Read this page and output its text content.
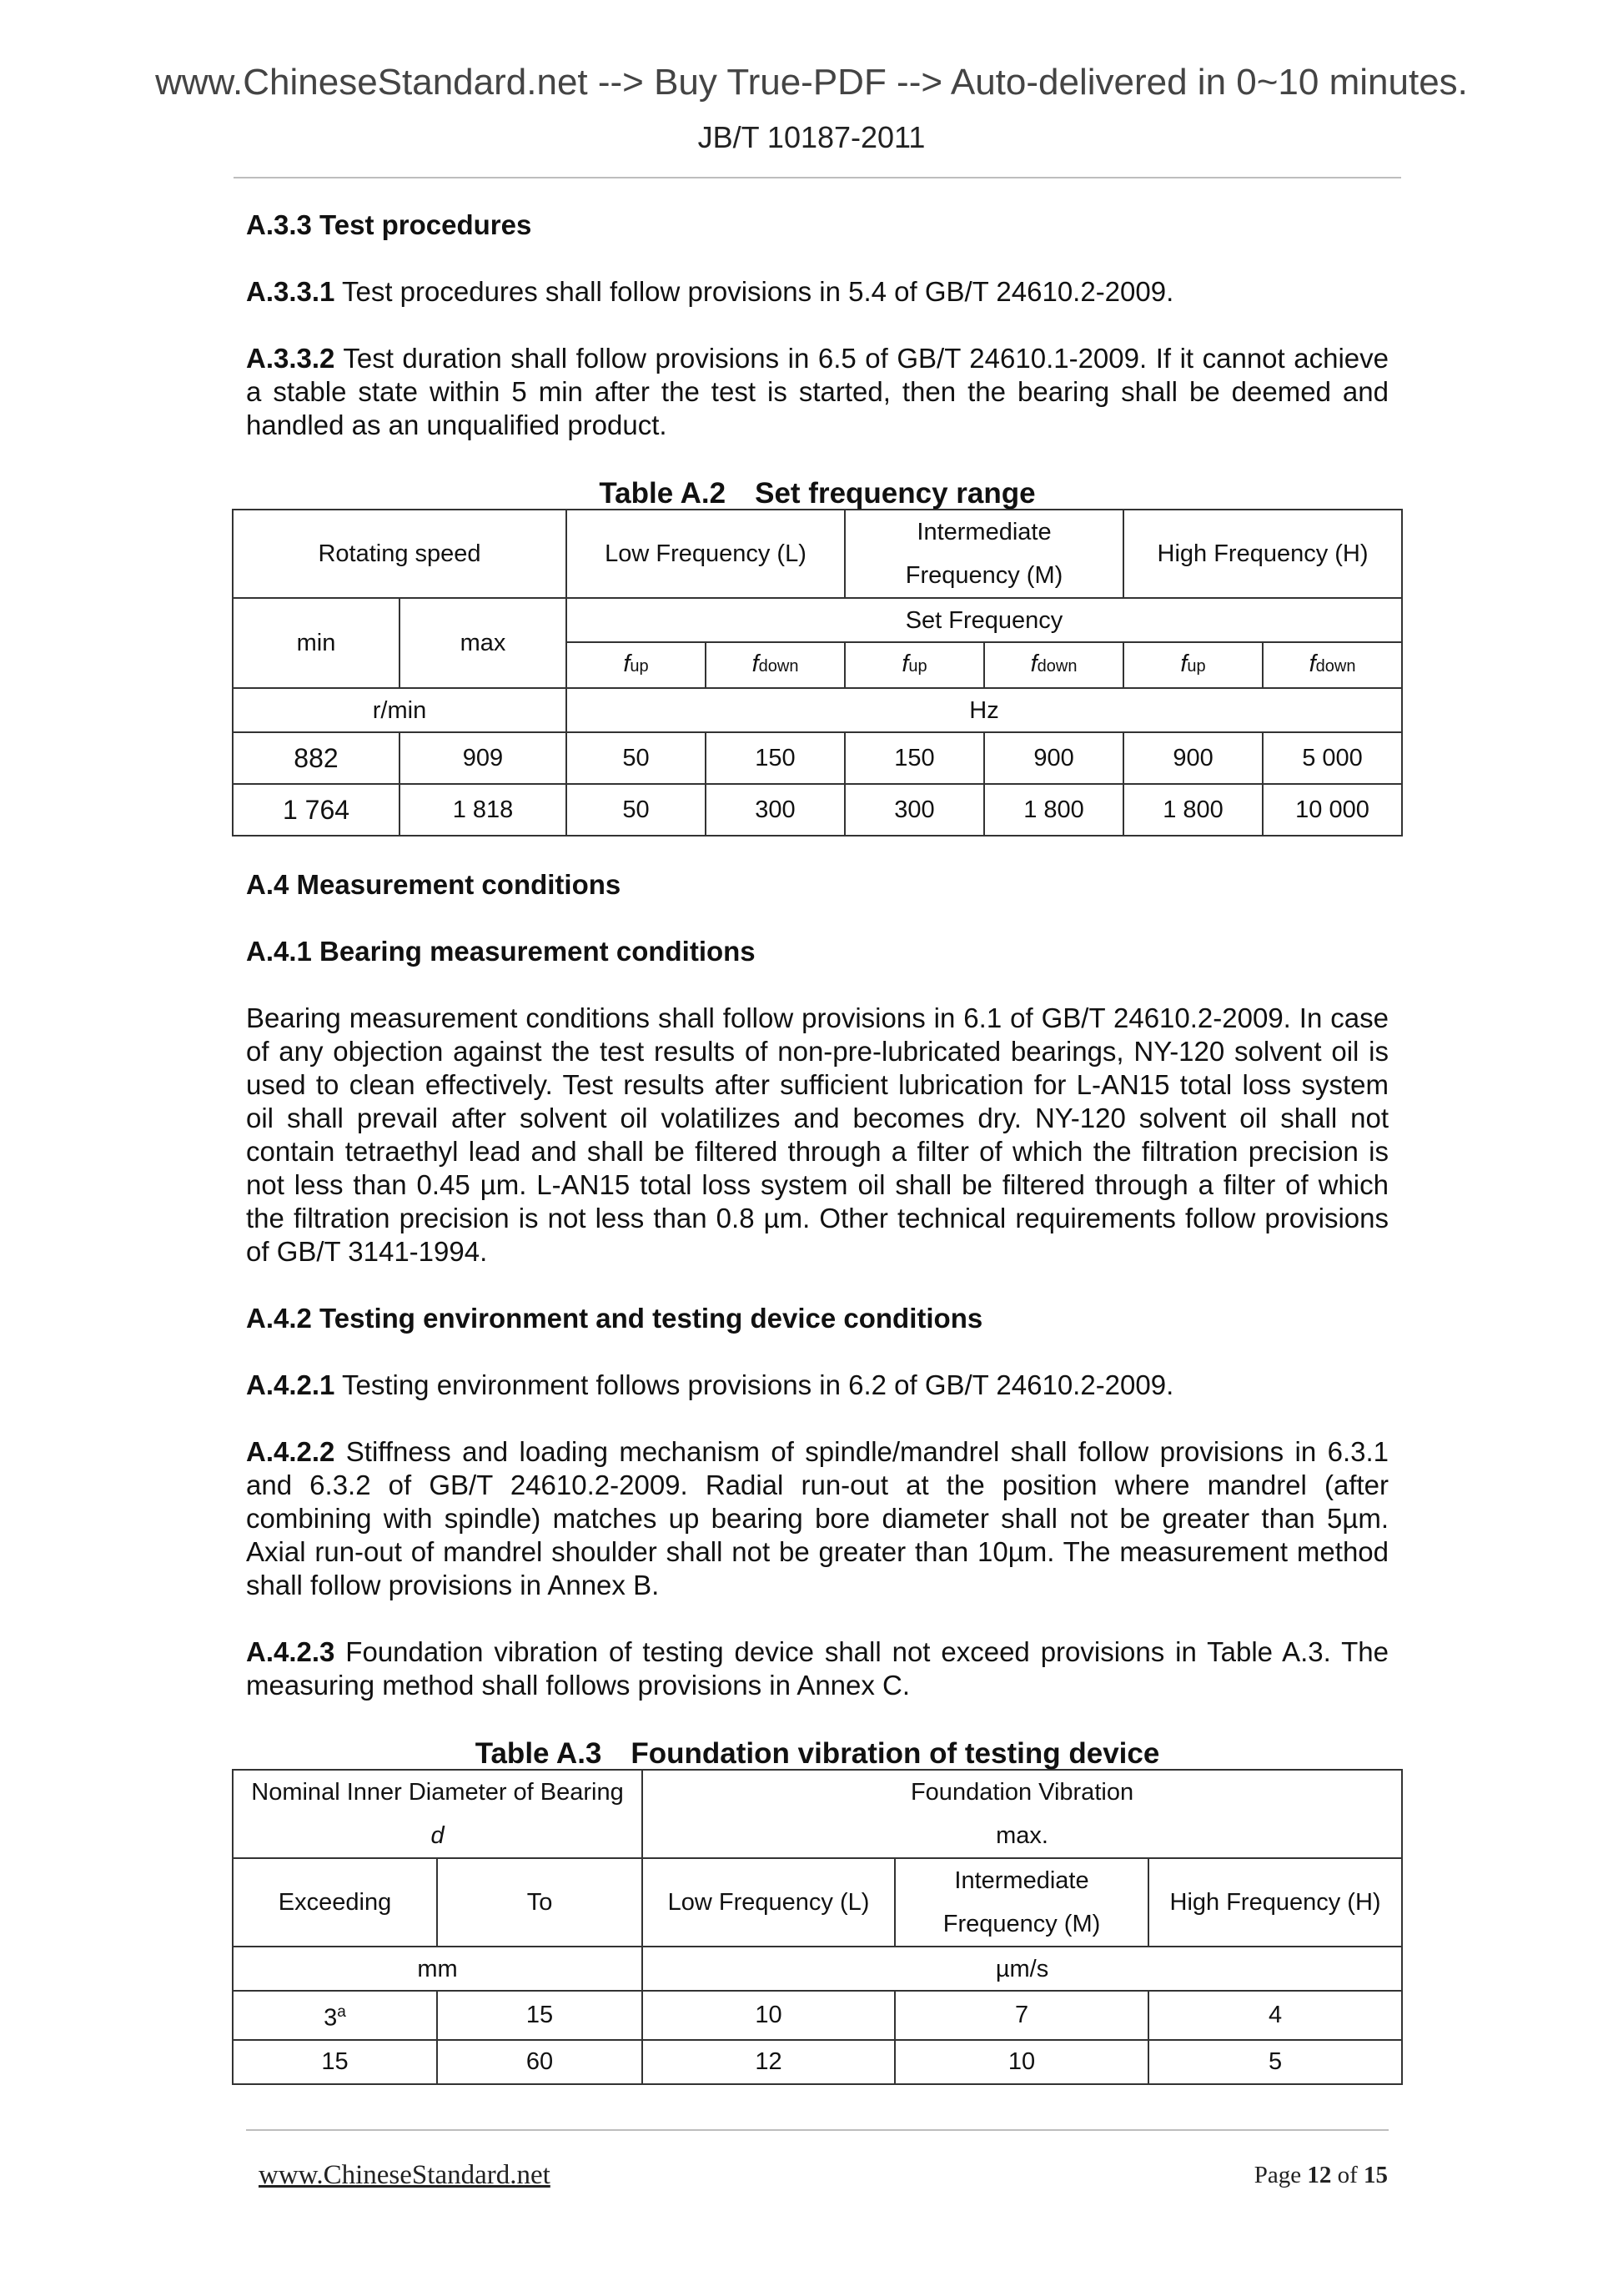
www.ChineseStandard.net --> Buy True-PDF --> Auto-delivered in 0~10 minutes.
JB/T 10187-2011

A.3.3 Test procedures

A.3.3.1 Test procedures shall follow provisions in 5.4 of GB/T 24610.2-2009.

A.3.3.2 Test duration shall follow provisions in 6.5 of GB/T 24610.1-2009. If it cannot achieve a stable state within 5 min after the test is started, then the bearing shall be deemed and handled as an unqualified product.

Table A.2 Set frequency range
Rotating speed		Low Frequency (L)		Intermediate
Frequency (M)		High Frequency (H)	
min	max	Set Frequency					
		fup	fdown	fup	fdown	fup	fdown
r/min		Hz					
882	909	50	150	150	900	900	5 000
1 764	1 818	50	300	300	1 800	1 800	10 000

A.4 Measurement conditions

A.4.1 Bearing measurement conditions

Bearing measurement conditions shall follow provisions in 6.1 of GB/T 24610.2-2009. In case of any objection against the test results of non-pre-lubricated bearings, NY-120 solvent oil is used to clean effectively. Test results after sufficient lubrication for L-AN15 total loss system oil shall prevail after solvent oil volatilizes and becomes dry. NY-120 solvent oil shall not contain tetraethyl lead and shall be filtered through a filter of which the filtration precision is not less than 0.45 µm. L-AN15 total loss system oil shall be filtered through a filter of which the filtration precision is not less than 0.8 µm. Other technical requirements follow provisions of GB/T 3141-1994.

A.4.2 Testing environment and testing device conditions

A.4.2.1 Testing environment follows provisions in 6.2 of GB/T 24610.2-2009.

A.4.2.2 Stiffness and loading mechanism of spindle/mandrel shall follow provisions in 6.3.1 and 6.3.2 of GB/T 24610.2-2009. Radial run-out at the position where mandrel (after combining with spindle) matches up bearing bore diameter shall not be greater than 5µm. Axial run-out of mandrel shoulder shall not be greater than 10µm. The measurement method shall follow provisions in Annex B.

A.4.2.3 Foundation vibration of testing device shall not exceed provisions in Table A.3. The measuring method shall follows provisions in Annex C.

Table A.3 Foundation vibration of testing device
Nominal Inner Diameter of Bearing
d		Foundation Vibration
max.		
Exceeding	To	Low Frequency (L)	Intermediate
Frequency (M)	High Frequency (H)
mm		µm/s		
3$^a$	15	10	7	4
15	60	12	10	5
www.ChineseStandard.net	Page 12 of 15
